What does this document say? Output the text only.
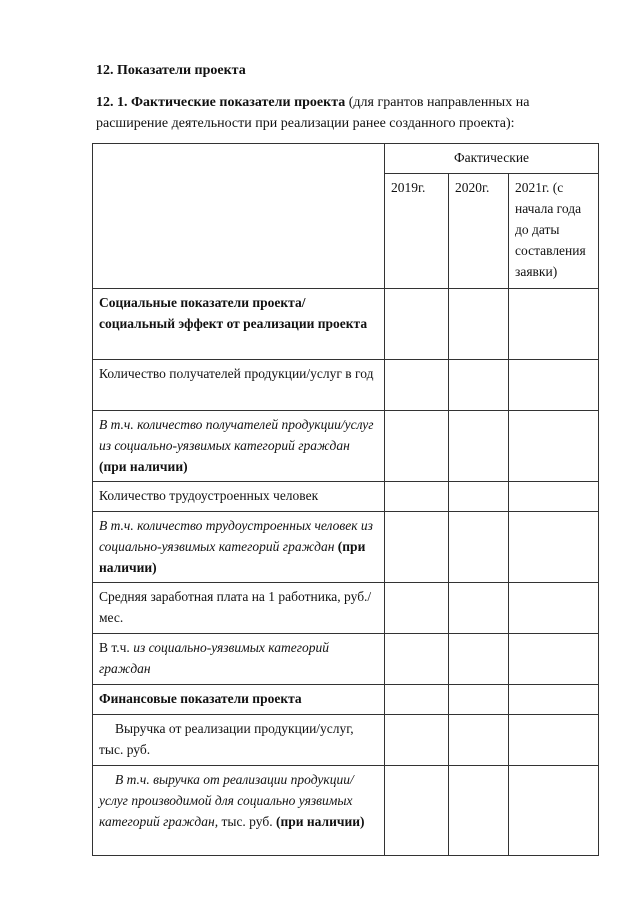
12. Показатели проекта
12. 1. Фактические показатели проекта (для грантов направленных на расширение деятельности при реализации ранее созданного проекта):
	Фактические		
	2019г.	2020г.	2021г. (с начала года до даты составления заявки)
Социальные показатели проекта/социальный эффект от реализации проекта			
Количество получателей продукции/услуг в год			
В т.ч. количество получателей продукции/услуг из социально-уязвимых категорий граждан (при наличии)			
Количество трудоустроенных человек			
В т.ч. количество трудоустроенных человек из социально-уязвимых категорий граждан (при наличии)			
Средняя заработная плата на 1 работника, руб./мес.			
В т.ч. из социально-уязвимых категорий граждан			
Финансовые показатели проекта			
Выручка от реализации продукции/услуг, тыс. руб.			
В т.ч. выручка от реализации продукции/услуг производимой для социально уязвимых категорий граждан, тыс. руб. (при наличии)			
